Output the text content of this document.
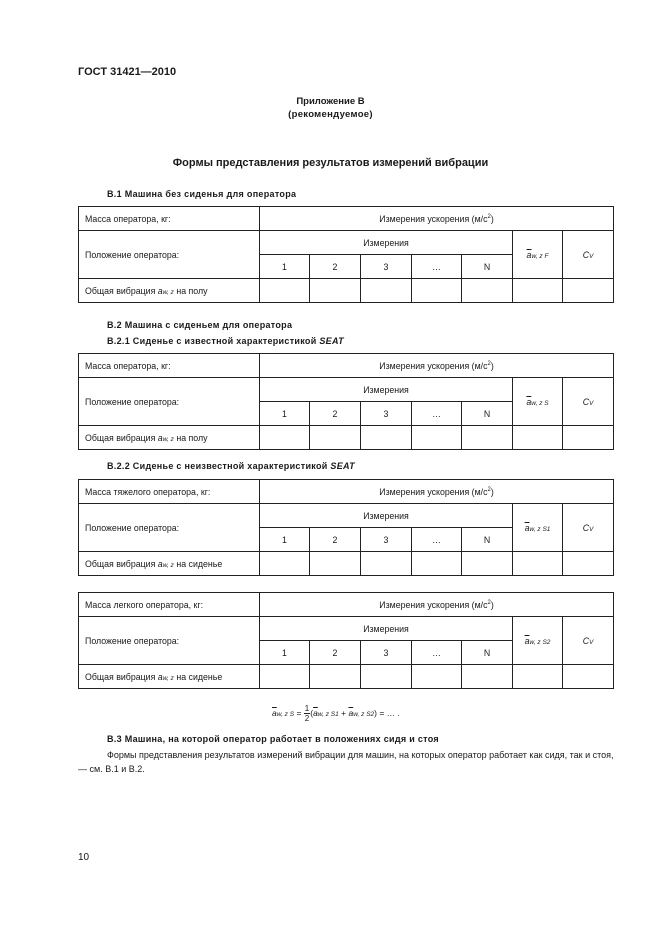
ГОСТ 31421—2010
Приложение В
(рекомендуемое)
Формы представления результатов измерений вибрации
В.1 Машина без сиденья для оператора
Масса оператора, кг:	Измерения ускорения $(м/с^2)$						
Положение оператора:	Измерения					$\overline{a}w$, z F	CV
	1	2	3	…	N		
Общая вибрация aw, z на полу							
В.2 Машина с сиденьем для оператора
В.2.1 Сиденье с известной характеристикой SEAT
Масса оператора, кг:	Измерения ускорения $(м/с^2)$						
Положение оператора:	Измерения					$\overline{a}w$, z S	CV
	1	2	3	…	N		
Общая вибрация aw, z на полу							
В.2.2 Сиденье с неизвестной характеристикой SEAT
Масса тяжелого оператора, кг:	Измерения ускорения $(м/с^2)$						
Положение оператора:	Измерения					$\overline{a}w$, z S1	CV
	1	2	3	…	N		
Общая вибрация aw, z на сиденье							
Масса легкого оператора, кг:	Измерения ускорения $(м/с^2)$						
Положение оператора:	Измерения					$\overline{a}w$, z S2	CV
	1	2	3	…	N		
Общая вибрация aw, z на сиденье							
$\overline{a}w$, z $S = \frac{1}{2}(\overline{a}w$, z $S1 + \overline{a}w$, z S2) = … .
В.3 Машина, на которой оператор работает в положениях сидя и стоя
Формы представления результатов измерений вибрации для машин, на которых оператор работает как сидя, так и стоя, — см. В.1 и В.2.
10
